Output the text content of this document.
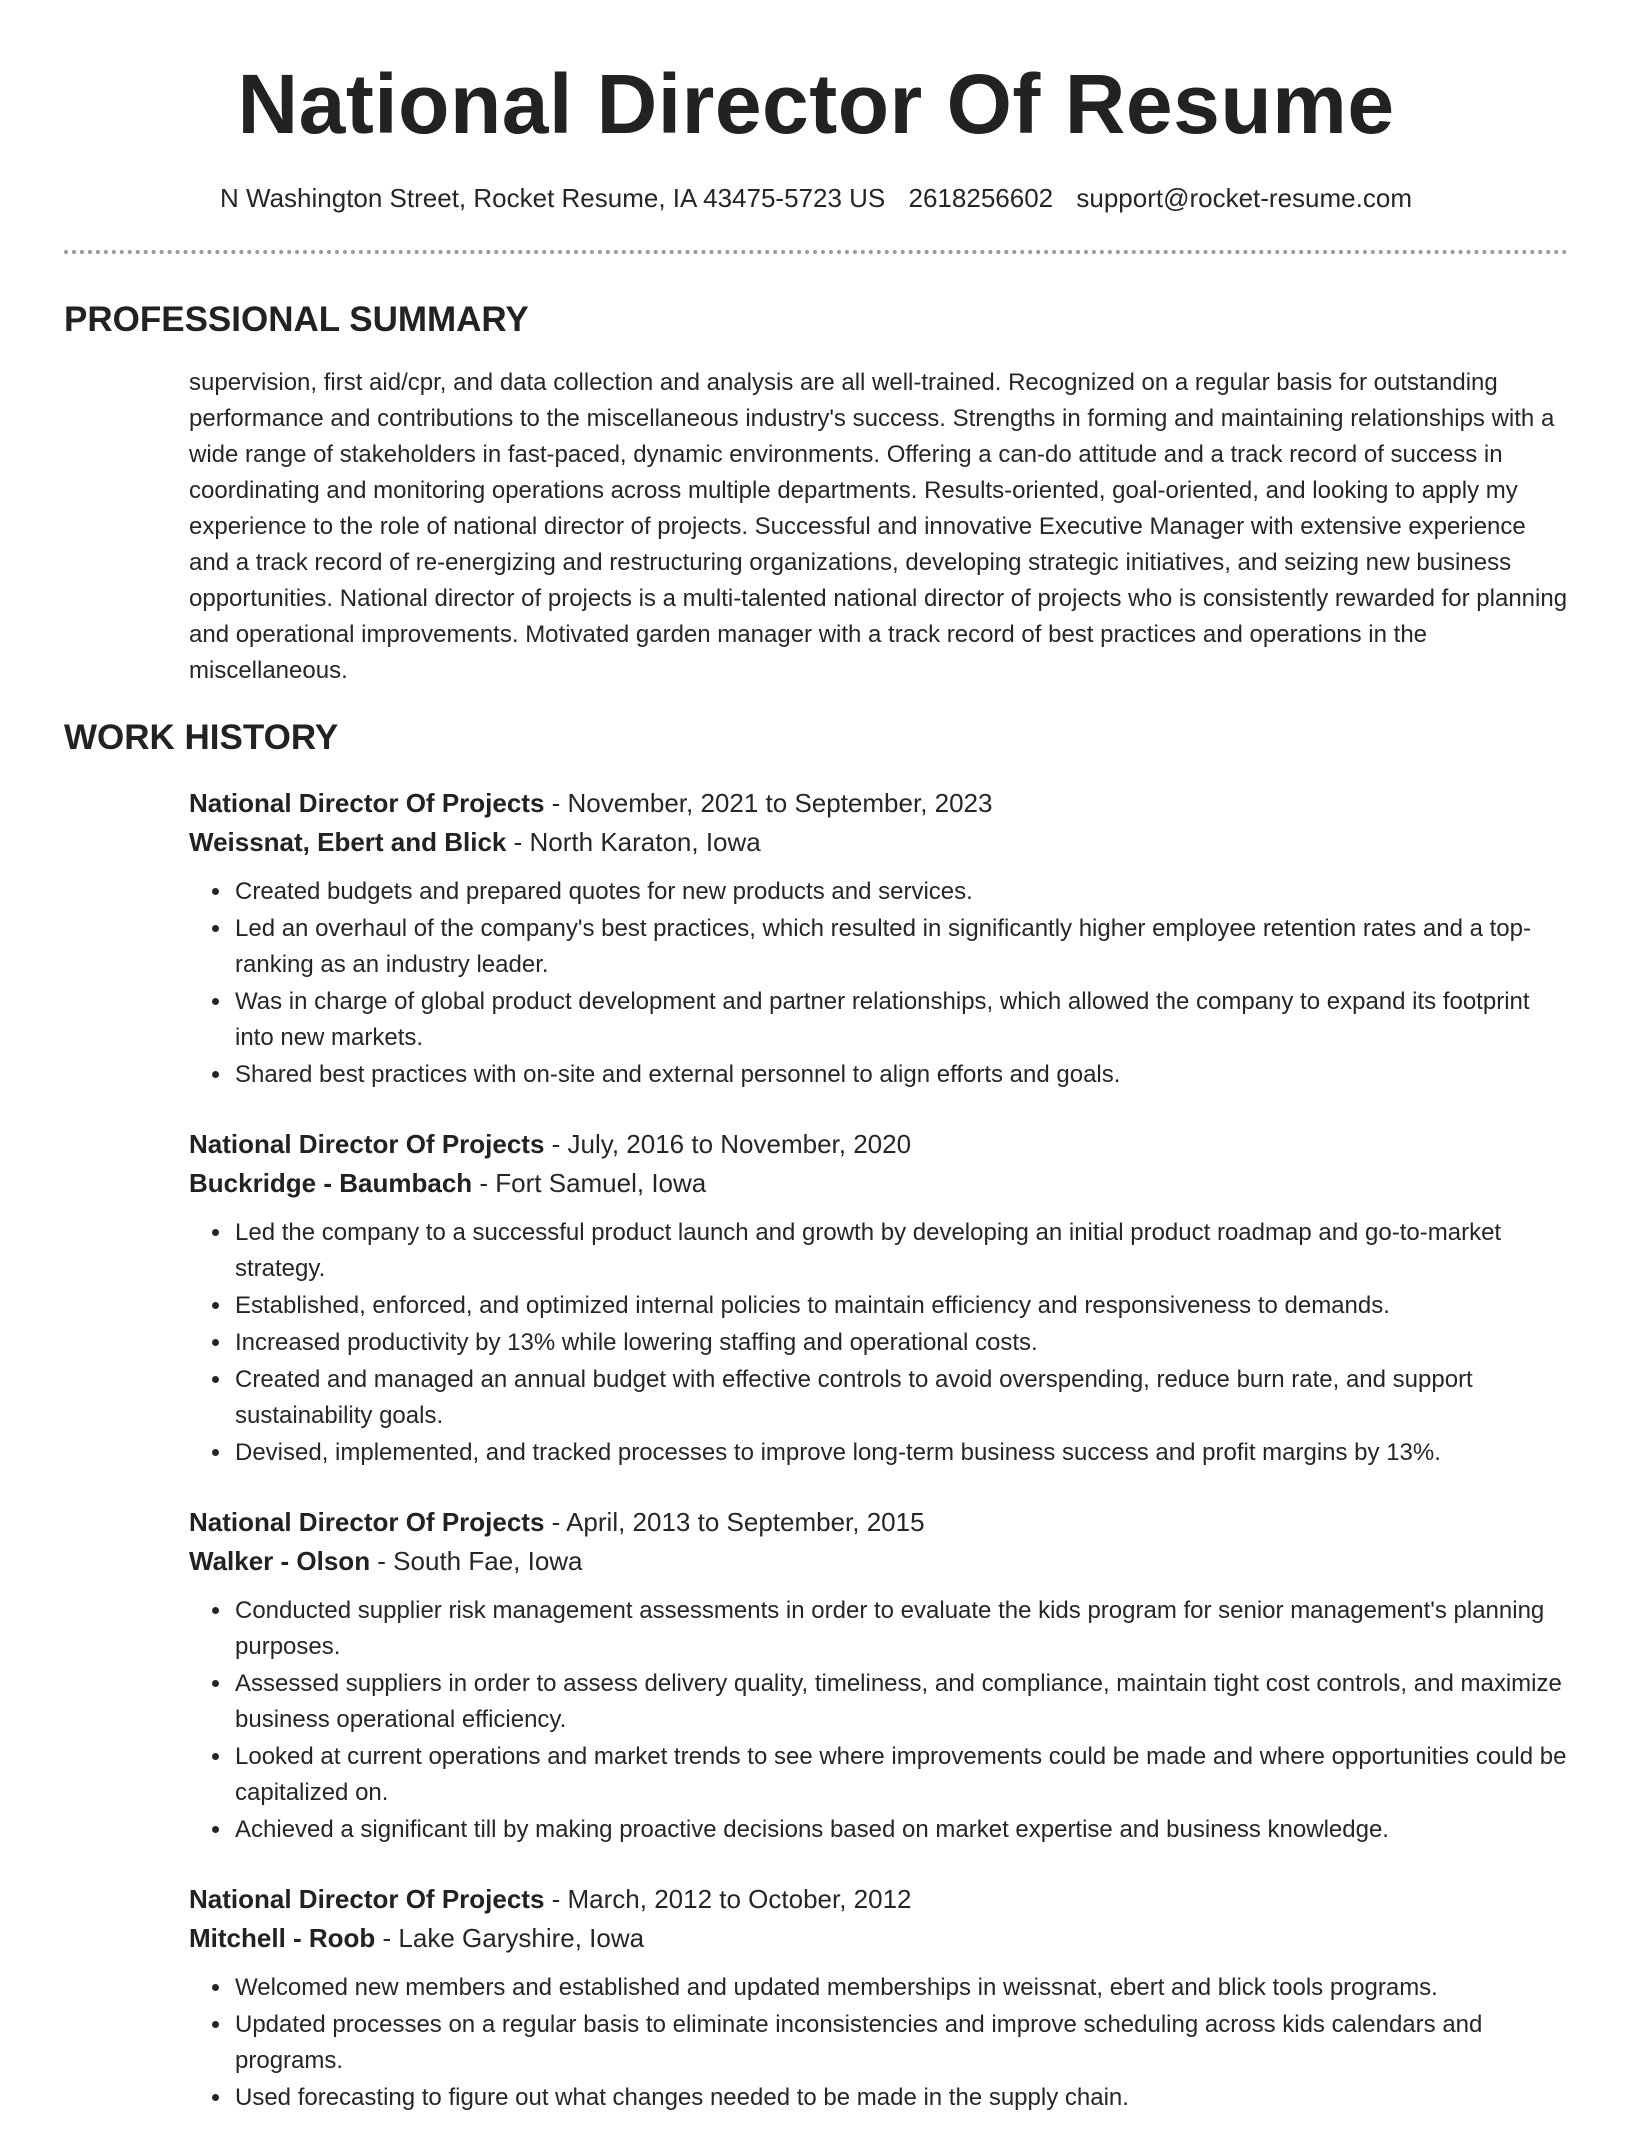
National Director Of Resume
N Washington Street, Rocket Resume, IA 43475-5723 US 2618256602 support@rocket-resume.com
PROFESSIONAL SUMMARY

supervision, first aid/cpr, and data collection and analysis are all well-trained. Recognized on a regular basis for outstanding performance and contributions to the miscellaneous industry's success. Strengths in forming and maintaining relationships with a wide range of stakeholders in fast-paced, dynamic environments. Offering a can-do attitude and a track record of success in coordinating and monitoring operations across multiple departments. Results-oriented, goal-oriented, and looking to apply my experience to the role of national director of projects. Successful and innovative Executive Manager with extensive experience and a track record of re-energizing and restructuring organizations, developing strategic initiatives, and seizing new business opportunities. National director of projects is a multi-talented national director of projects who is consistently rewarded for planning and operational improvements. Motivated garden manager with a track record of best practices and operations in the miscellaneous.

WORK HISTORY

National Director Of Projects - November, 2021 to September, 2023

Weissnat, Ebert and Blick - North Karaton, Iowa

• Created budgets and prepared quotes for new products and services.
• Led an overhaul of the company's best practices, which resulted in significantly higher employee retention rates and a top-ranking as an industry leader.
• Was in charge of global product development and partner relationships, which allowed the company to expand its footprint into new markets.
• Shared best practices with on-site and external personnel to align efforts and goals.

National Director Of Projects - July, 2016 to November, 2020

Buckridge - Baumbach - Fort Samuel, Iowa

• Led the company to a successful product launch and growth by developing an initial product roadmap and go-to-market strategy.
• Established, enforced, and optimized internal policies to maintain efficiency and responsiveness to demands.
• Increased productivity by 13% while lowering staffing and operational costs.
• Created and managed an annual budget with effective controls to avoid overspending, reduce burn rate, and support sustainability goals.
• Devised, implemented, and tracked processes to improve long-term business success and profit margins by 13%.

National Director Of Projects - April, 2013 to September, 2015

Walker - Olson - South Fae, Iowa

• Conducted supplier risk management assessments in order to evaluate the kids program for senior management's planning purposes.
• Assessed suppliers in order to assess delivery quality, timeliness, and compliance, maintain tight cost controls, and maximize business operational efficiency.
• Looked at current operations and market trends to see where improvements could be made and where opportunities could be capitalized on.
• Achieved a significant till by making proactive decisions based on market expertise and business knowledge.

National Director Of Projects - March, 2012 to October, 2012

Mitchell - Roob - Lake Garyshire, Iowa

• Welcomed new members and established and updated memberships in weissnat, ebert and blick tools programs.
• Updated processes on a regular basis to eliminate inconsistencies and improve scheduling across kids calendars and programs.
• Used forecasting to figure out what changes needed to be made in the supply chain.
